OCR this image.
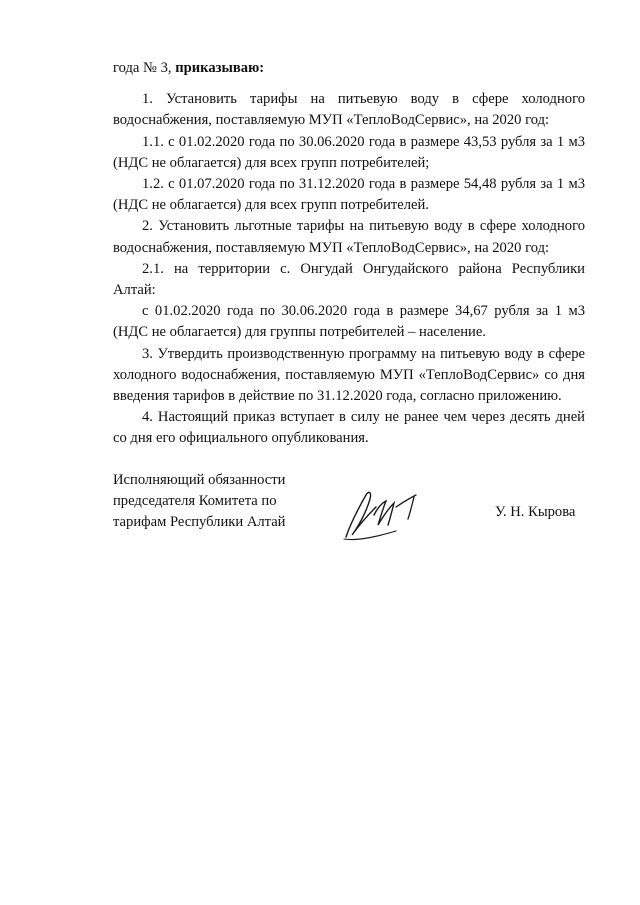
года № 3, приказываю:

1. Установить тарифы на питьевую воду в сфере холодного водоснабжения, поставляемую МУП «ТеплоВодСервис», на 2020 год:

1.1. с 01.02.2020 года по 30.06.2020 года в размере 43,53 рубля за 1 м3 (НДС не облагается) для всех групп потребителей;

1.2. с 01.07.2020 года по 31.12.2020 года в размере 54,48 рубля за 1 м3 (НДС не облагается) для всех групп потребителей.

2. Установить льготные тарифы на питьевую воду в сфере холодного водоснабжения, поставляемую МУП «ТеплоВодСервис», на 2020 год:

2.1. на территории с. Онгудай Онгудайского района Республики Алтай:

с 01.02.2020 года по 30.06.2020 года в размере 34,67 рубля за 1 м3 (НДС не облагается) для группы потребителей – население.

3. Утвердить производственную программу на питьевую воду в сфере холодного водоснабжения, поставляемую МУП «ТеплоВодСервис» со дня введения тарифов в действие по 31.12.2020 года, согласно приложению.

4. Настоящий приказ вступает в силу не ранее чем через десять дней со дня его официального опубликования.

Исполняющий обязанности
председателя Комитета по
тарифам Республики Алтай
У. Н. Кырова
